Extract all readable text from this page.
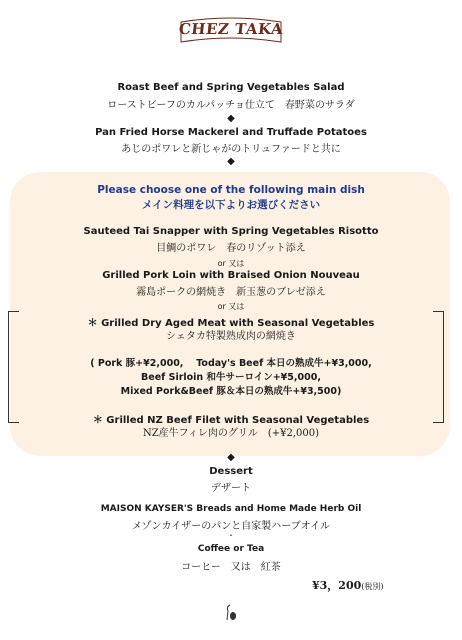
CHEZ TAKA
Roast Beef and Spring Vegetables Salad
ローストビーフのカルパッチョ仕立て　春野菜のサラダ
◆
Pan Fried Horse Mackerel and Truffade Potatoes
あじのポワレと新じゃがのトリュファードと共に
◆
Please choose one of the following main dish
メイン料理を以下よりお選びください
Sauteed Tai Snapper with Spring Vegetables Risotto
目鯛のポワレ　春のリゾット添え
or 又は
Grilled Pork Loin with Braised Onion Nouveau
霧島ポークの網焼き　新玉葱のブレゼ添え
or 又は
＊ Grilled Dry Aged Meat with Seasonal Vegetables
シェタカ特製熟成肉の網焼き
( Pork 豚+¥2,000,　 Today's Beef 本日の熟成牛+¥3,000,
Beef Sirloin 和牛サーロイン+¥5,000,
Mixed Pork&Beef 豚＆本日の熟成牛+¥3,500)
＊ Grilled NZ Beef Filet with Seasonal Vegetables
NZ産牛フィレ肉のグリル　(+¥2,000)
◆
Dessert
デザート
MAISON KAYSER'S Breads and Home Made Herb Oil
メゾンカイザーのパンと自家製ハーブオイル
・
Coffee or Tea
コーヒー　又は　紅茶
¥3，200(税別)
